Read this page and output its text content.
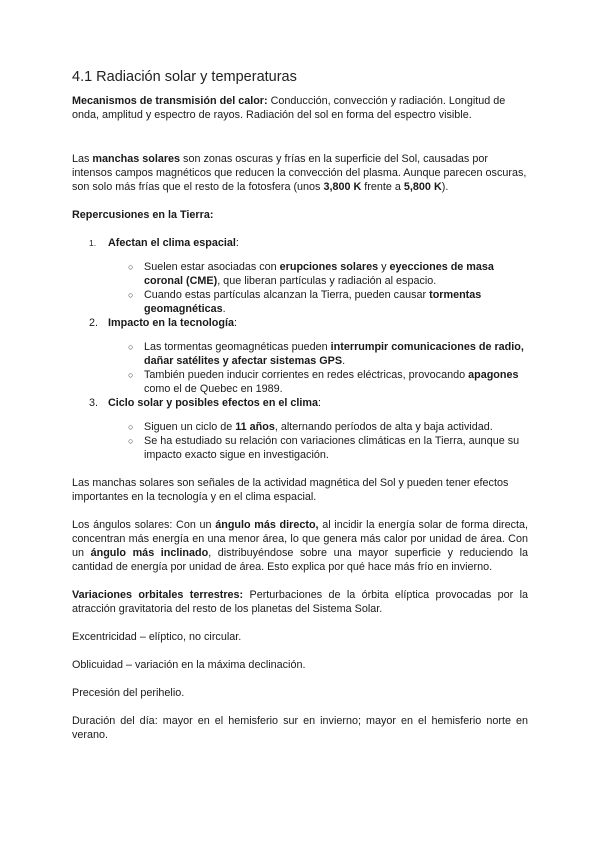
4.1 Radiación solar y temperaturas

Mecanismos de transmisión del calor: Conducción, convección y radiación. Longitud de onda, amplitud y espectro de rayos. Radiación del sol en forma del espectro visible.

Las manchas solares son zonas oscuras y frías en la superficie del Sol, causadas por intensos campos magnéticos que reducen la convección del plasma. Aunque parecen oscuras, son solo más frías que el resto de la fotosfera (unos 3,800 K frente a 5,800 K).

Repercusiones en la Tierra:

1. Afectan el clima espacial:
○ Suelen estar asociadas con erupciones solares y eyecciones de masa coronal (CME), que liberan partículas y radiación al espacio.
○ Cuando estas partículas alcanzan la Tierra, pueden causar tormentas geomagnéticas.
2. Impacto en la tecnología:
○ Las tormentas geomagnéticas pueden interrumpir comunicaciones de radio, dañar satélites y afectar sistemas GPS.
○ También pueden inducir corrientes en redes eléctricas, provocando apagones como el de Quebec en 1989.
3. Ciclo solar y posibles efectos en el clima:
○ Siguen un ciclo de 11 años, alternando períodos de alta y baja actividad.
○ Se ha estudiado su relación con variaciones climáticas en la Tierra, aunque su impacto exacto sigue en investigación.

Las manchas solares son señales de la actividad magnética del Sol y pueden tener efectos importantes en la tecnología y en el clima espacial.

Los ángulos solares: Con un ángulo más directo, al incidir la energía solar de forma directa, concentran más energía en una menor área, lo que genera más calor por unidad de área. Con un ángulo más inclinado, distribuyéndose sobre una mayor superficie y reduciendo la cantidad de energía por unidad de área. Esto explica por qué hace más frío en invierno.

Variaciones orbitales terrestres: Perturbaciones de la órbita elíptica provocadas por la atracción gravitatoria del resto de los planetas del Sistema Solar.

Excentricidad – elíptico, no circular.

Oblicuidad – variación en la máxima declinación.

Precesión del perihelio.

Duración del día: mayor en el hemisferio sur en invierno; mayor en el hemisferio norte en verano.
